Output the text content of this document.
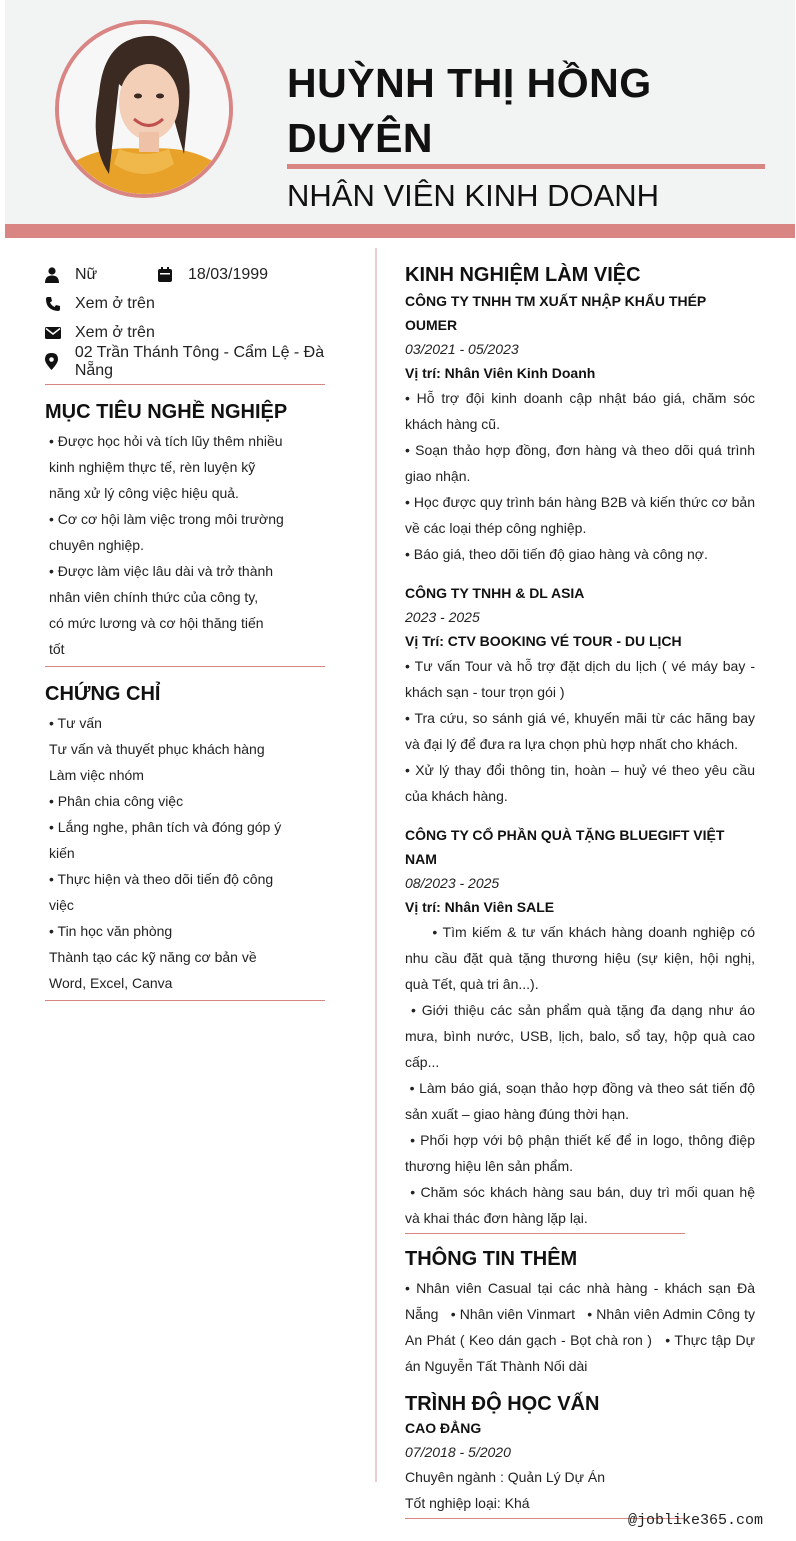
HUỲNH THỊ HỒNG DUYÊN
NHÂN VIÊN KINH DOANH
Nữ	18/03/1999
Xem ở trên
Xem ở trên
02 Trần Thánh Tông - Cẩm Lệ - Đà Nẵng
MỤC TIÊU NGHỀ NGHIỆP
• Được học hỏi và tích lũy thêm nhiều
kinh nghiệm thực tế, rèn luyện kỹ
năng xử lý công việc hiệu quả.
• Cơ cơ hội làm việc trong môi trường
chuyên nghiệp.
• Được làm việc lâu dài và trở thành
nhân viên chính thức của công ty,
có mức lương và cơ hội thăng tiến
tốt
CHỨNG CHỈ
• Tư vấn
Tư vấn và thuyết phục khách hàng
Làm việc nhóm
• Phân chia công việc
• Lắng nghe, phân tích và đóng góp ý
kiến
• Thực hiện và theo dõi tiến độ công
việc
• Tin học văn phòng
Thành tạo các kỹ năng cơ bản về
Word, Excel, Canva
KINH NGHIỆM LÀM VIỆC
CÔNG TY TNHH TM XUẤT NHẬP KHẨU THÉP OUMER
03/2021 - 05/2023
Vị trí: Nhân Viên Kinh Doanh
• Hỗ trợ đội kinh doanh cập nhật báo giá, chăm sóc khách hàng cũ.
• Soạn thảo hợp đồng, đơn hàng và theo dõi quá trình giao nhận.
• Học được quy trình bán hàng B2B và kiến thức cơ bản về các loại thép công nghiệp.
• Báo giá, theo dõi tiến độ giao hàng và công nợ.
CÔNG TY TNHH & DL ASIA
2023 - 2025
Vị Trí: CTV BOOKING VÉ TOUR - DU LỊCH
• Tư vấn Tour và hỗ trợ đặt dịch du lịch ( vé máy bay - khách sạn - tour trọn gói )
• Tra cứu, so sánh giá vé, khuyến mãi từ các hãng bay và đại lý để đưa ra lựa chọn phù hợp nhất cho khách.
• Xử lý thay đổi thông tin, hoàn – huỷ vé theo yêu cầu của khách hàng.
CÔNG TY CỔ PHẦN QUÀ TẶNG BLUEGIFT VIỆT NAM
08/2023 - 2025
Vị trí: Nhân Viên SALE
• Tìm kiếm & tư vấn khách hàng doanh nghiệp có nhu cầu đặt quà tặng thương hiệu (sự kiện, hội nghị, quà Tết, quà tri ân...).
• Giới thiệu các sản phẩm quà tặng đa dạng như áo mưa, bình nước, USB, lịch, balo, sổ tay, hộp quà cao cấp...
• Làm báo giá, soạn thảo hợp đồng và theo sát tiến độ sản xuất – giao hàng đúng thời hạn.
• Phối hợp với bộ phận thiết kế để in logo, thông điệp thương hiệu lên sản phẩm.
• Chăm sóc khách hàng sau bán, duy trì mối quan hệ và khai thác đơn hàng lặp lại.
THÔNG TIN THÊM
• Nhân viên Casual tại các nhà hàng - khách sạn Đà Nẵng   • Nhân viên Vinmart   • Nhân viên Admin Công ty An Phát ( Keo dán gạch - Bọt chà ron )   • Thực tập Dự án Nguyễn Tất Thành Nối dài
TRÌNH ĐỘ HỌC VẤN
CAO ĐẲNG
07/2018 - 5/2020
Chuyên ngành : Quản Lý Dự Án
Tốt nghiệp loại: Khá
@joblike365.com
